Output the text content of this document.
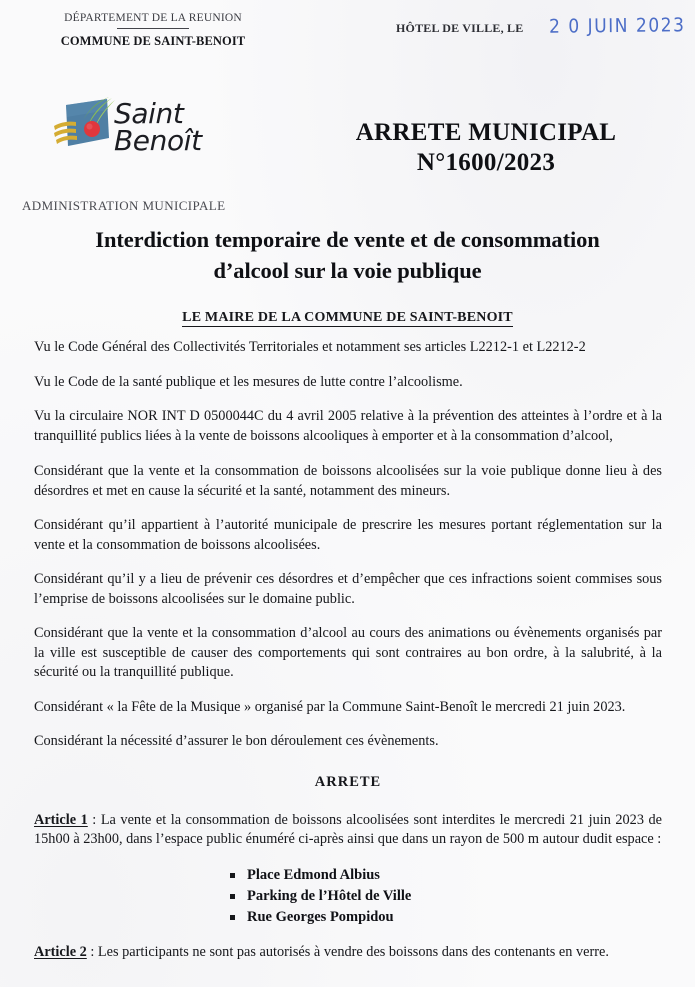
DÉPARTEMENT DE LA REUNION
COMMUNE DE SAINT-BENOIT
HÔTEL DE VILLE, LE 2 0 JUIN 2023
Saint
Benoît
ADMINISTRATION MUNICIPALE
ARRETE MUNICIPAL
N°1600/2023
Interdiction temporaire de vente et de consommation
d’alcool sur la voie publique
LE MAIRE DE LA COMMUNE DE SAINT-BENOIT

Vu le Code Général des Collectivités Territoriales et notamment ses articles L2212-1 et L2212-2

Vu le Code de la santé publique et les mesures de lutte contre l’alcoolisme.

Vu la circulaire NOR INT D 0500044C du 4 avril 2005 relative à la prévention des atteintes à l’ordre et à la tranquillité publics liées à la vente de boissons alcooliques à emporter et à la consommation d’alcool,

Considérant que la vente et la consommation de boissons alcoolisées sur la voie publique donne lieu à des désordres et met en cause la sécurité et la santé, notamment des mineurs.

Considérant qu’il appartient à l’autorité municipale de prescrire les mesures portant réglementation sur la vente et la consommation de boissons alcoolisées.

Considérant qu’il y a lieu de prévenir ces désordres et d’empêcher que ces infractions soient commises sous l’emprise de boissons alcoolisées sur le domaine public.

Considérant que la vente et la consommation d’alcool au cours des animations ou évènements organisés par la ville est susceptible de causer des comportements qui sont contraires au bon ordre, à la salubrité, à la sécurité ou la tranquillité publique.

Considérant « la Fête de la Musique » organisé par la Commune Saint-Benoît le mercredi 21 juin 2023.

Considérant la nécessité d’assurer le bon déroulement ces évènements.

ARRETE

Article 1 : La vente et la consommation de boissons alcoolisées sont interdites le mercredi 21 juin 2023 de 15h00 à 23h00, dans l’espace public énuméré ci-après ainsi que dans un rayon de 500 m autour dudit espace :

Place Edmond Albius
Parking de l’Hôtel de Ville
Rue Georges Pompidou

Article 2 : Les participants ne sont pas autorisés à vendre des boissons dans des contenants en verre.
